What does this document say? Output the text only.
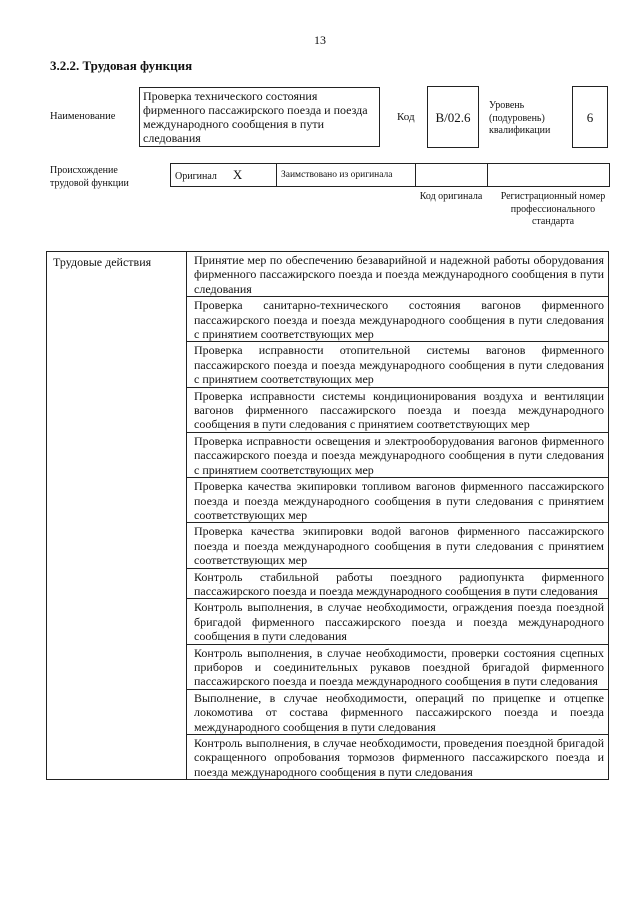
13
3.2.2. Трудовая функция
Наименование
Проверка технического состояния фирменного пассажирского поезда и поезда международного сообщения в пути следования
Код	B/02.6
Уровень (подуровень) квалификации
6
Происхождение трудовой функции
Оригинал X	Заимствовано из оригинала		
Код оригинала	Регистрационный номер профессионального стандарта
Трудовые действия	Принятие мер по обеспечению безаварийной и надежной работы оборудования фирменного пассажирского поезда и поезда международного сообщения в пути следования
Проверка санитарно-технического состояния вагонов фирменного пассажирского поезда и поезда международного сообщения в пути следования с принятием соответствующих мер
Проверка исправности отопительной системы вагонов фирменного пассажирского поезда и поезда международного сообщения в пути следования с принятием соответствующих мер
Проверка исправности системы кондиционирования воздуха и вентиляции вагонов фирменного пассажирского поезда и поезда международного сообщения в пути следования с принятием соответствующих мер
Проверка исправности освещения и электрооборудования вагонов фирменного пассажирского поезда и поезда международного сообщения в пути следования с принятием соответствующих мер
Проверка качества экипировки топливом вагонов фирменного пассажирского поезда и поезда международного сообщения в пути следования с принятием соответствующих мер
Проверка качества экипировки водой вагонов фирменного пассажирского поезда и поезда международного сообщения в пути следования с принятием соответствующих мер
Контроль стабильной работы поездного радиопункта фирменного пассажирского поезда и поезда международного сообщения в пути следования
Контроль выполнения, в случае необходимости, ограждения поезда поездной бригадой фирменного пассажирского поезда и поезда международного сообщения в пути следования
Контроль выполнения, в случае необходимости, проверки состояния сцепных приборов и соединительных рукавов поездной бригадой фирменного пассажирского поезда и поезда международного сообщения в пути следования
Выполнение, в случае необходимости, операций по прицепке и отцепке локомотива от состава фирменного пассажирского поезда и поезда международного сообщения в пути следования
Контроль выполнения, в случае необходимости, проведения поездной бригадой сокращенного опробования тормозов фирменного пассажирского поезда и поезда международного сообщения в пути следования
